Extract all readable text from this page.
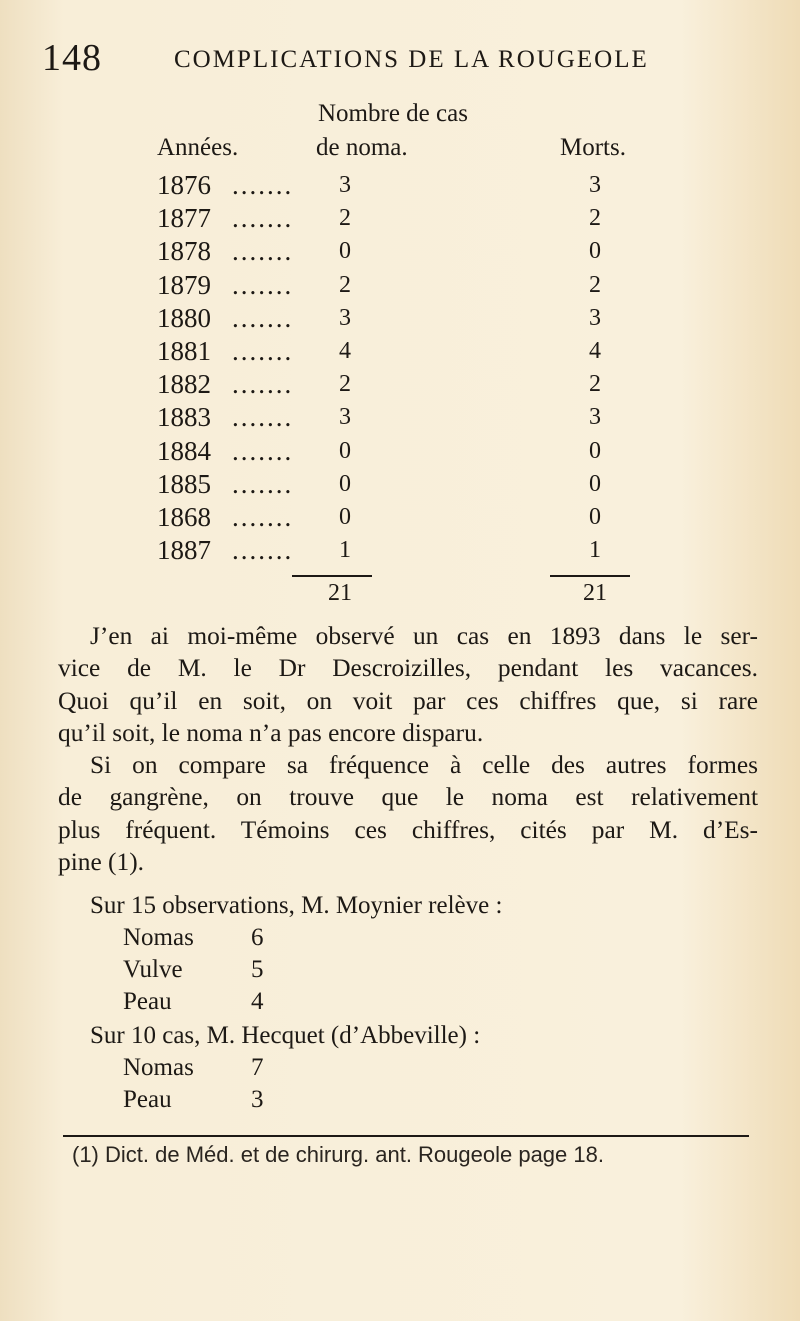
148	COMPLICATIONS DE LA ROUGEOLE
Nombre de cas
Années.	de noma.	Morts.
1876 .......	3	3
1877 .......	2	2
1878 .......	0	0
1879 .......	2	2
1880 .......	3	3
1881 .......	4	4
1882 .......	2	2
1883 .......	3	3
1884 .......	0	0
1885 .......	0	0
1868 .......	0	0
1887 .......	1	1
21	21

J’en ai moi-même observé un cas en 1893 dans le ser-

vice de M. le Dr Descroizilles, pendant les vacances.

Quoi qu’il en soit, on voit par ces chiffres que, si rare

qu’il soit, le noma n’a pas encore disparu.

Si on compare sa fréquence à celle des autres formes

de gangrène, on trouve que le noma est relativement

plus fréquent. Témoins ces chiffres, cités par M. d’Es-

pine (1).

Sur 15 observations, M. Moynier relève :
Nomas 6
Vulve	5
Peau	4
Sur 10 cas, M. Hecquet (d’Abbeville) :
Nomas 7
Peau	3
(1) Dict. de Méd. et de chirurg. ant. Rougeole page 18.
